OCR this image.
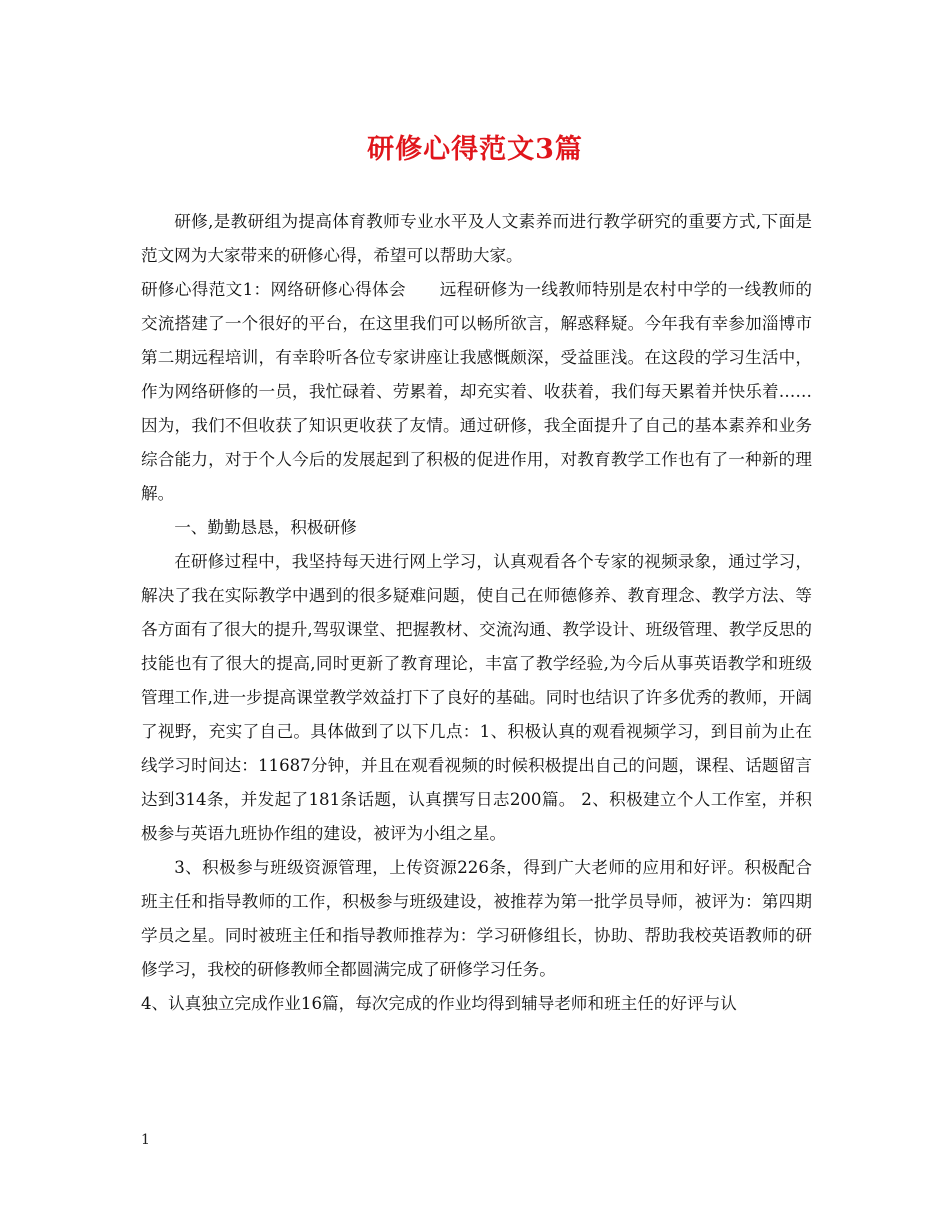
研修心得范文3篇

研修,是教研组为提高体育教师专业水平及人文素养而进行教学研究的重要方式,下面是范文网为大家带来的研修心得，希望可以帮助大家。

研修心得范文1：网络研修心得体会　　远程研修为一线教师特别是农村中学的一线教师的交流搭建了一个很好的平台，在这里我们可以畅所欲言，解惑释疑。今年我有幸参加淄博市第二期远程培训，有幸聆听各位专家讲座让我感慨颇深，受益匪浅。在这段的学习生活中，作为网络研修的一员，我忙碌着、劳累着，却充实着、收获着，我们每天累着并快乐着……因为，我们不但收获了知识更收获了友情。通过研修，我全面提升了自己的基本素养和业务综合能力，对于个人今后的发展起到了积极的促进作用，对教育教学工作也有了一种新的理解。

一、勤勤恳恳，积极研修

在研修过程中，我坚持每天进行网上学习，认真观看各个专家的视频录象，通过学习，解决了我在实际教学中遇到的很多疑难问题，使自己在师德修养、教育理念、教学方法、等各方面有了很大的提升,驾驭课堂、把握教材、交流沟通、教学设计、班级管理、教学反思的技能也有了很大的提高,同时更新了教育理论，丰富了教学经验,为今后从事英语教学和班级管理工作,进一步提高课堂教学效益打下了良好的基础。同时也结识了许多优秀的教师，开阔了视野，充实了自己。具体做到了以下几点：1、积极认真的观看视频学习，到目前为止在线学习时间达：11687分钟，并且在观看视频的时候积极提出自己的问题，课程、话题留言达到314条，并发起了181条话题，认真撰写日志200篇。 2、积极建立个人工作室，并积极参与英语九班协作组的建设，被评为小组之星。

3、积极参与班级资源管理，上传资源226条，得到广大老师的应用和好评。积极配合班主任和指导教师的工作，积极参与班级建设，被推荐为第一批学员导师，被评为：第四期学员之星。同时被班主任和指导教师推荐为：学习研修组长，协助、帮助我校英语教师的研修学习，我校的研修教师全都圆满完成了研修学习任务。

4、认真独立完成作业16篇，每次完成的作业均得到辅导老师和班主任的好评与认

1
